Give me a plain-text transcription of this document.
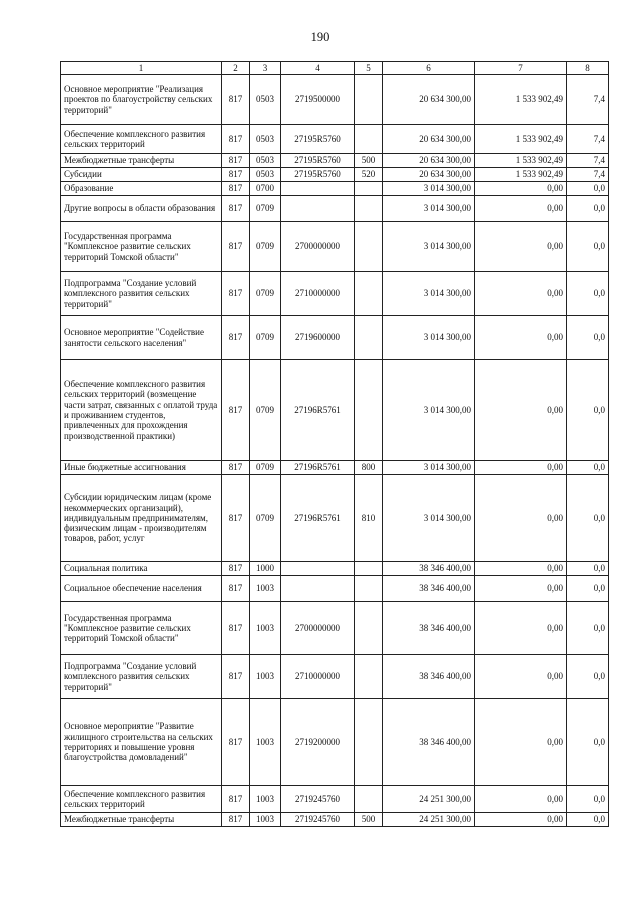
190
1	2	3	4	5	6	7	8
Основное мероприятие "Реализация проектов по благоустройству сельских территорий"	817	0503	2719500000		20 634 300,00	1 533 902,49	7,4
Обеспечение комплексного развития сельских территорий	817	0503	27195R5760		20 634 300,00	1 533 902,49	7,4
Межбюджетные трансферты	817	0503	27195R5760	500	20 634 300,00	1 533 902,49	7,4
Субсидии	817	0503	27195R5760	520	20 634 300,00	1 533 902,49	7,4
Образование	817	0700			3 014 300,00	0,00	0,0
Другие вопросы в области образования	817	0709			3 014 300,00	0,00	0,0
Государственная программа "Комплексное развитие сельских территорий Томской области"	817	0709	2700000000		3 014 300,00	0,00	0,0
Подпрограмма "Создание условий комплексного развития сельских территорий"	817	0709	2710000000		3 014 300,00	0,00	0,0
Основное мероприятие "Содействие занятости сельского населения"	817	0709	2719600000		3 014 300,00	0,00	0,0
Обеспечение комплексного развития сельских территорий (возмещение части затрат, связанных с оплатой труда и проживанием студентов, привлеченных для прохождения производственной практики)	817	0709	27196R5761		3 014 300,00	0,00	0,0
Иные бюджетные ассигнования	817	0709	27196R5761	800	3 014 300,00	0,00	0,0
Субсидии юридическим лицам (кроме некоммерческих организаций), индивидуальным предпринимателям, физическим лицам - производителям товаров, работ, услуг	817	0709	27196R5761	810	3 014 300,00	0,00	0,0
Социальная политика	817	1000			38 346 400,00	0,00	0,0
Социальное обеспечение населения	817	1003			38 346 400,00	0,00	0,0
Государственная программа "Комплексное развитие сельских территорий Томской области"	817	1003	2700000000		38 346 400,00	0,00	0,0
Подпрограмма "Создание условий комплексного развития сельских территорий"	817	1003	2710000000		38 346 400,00	0,00	0,0
Основное мероприятие "Развитие жилищного строительства на сельских территориях и повышение уровня благоустройства домовладений"	817	1003	2719200000		38 346 400,00	0,00	0,0
Обеспечение комплексного развития сельских территорий	817	1003	2719245760		24 251 300,00	0,00	0,0
Межбюджетные трансферты	817	1003	2719245760	500	24 251 300,00	0,00	0,0
